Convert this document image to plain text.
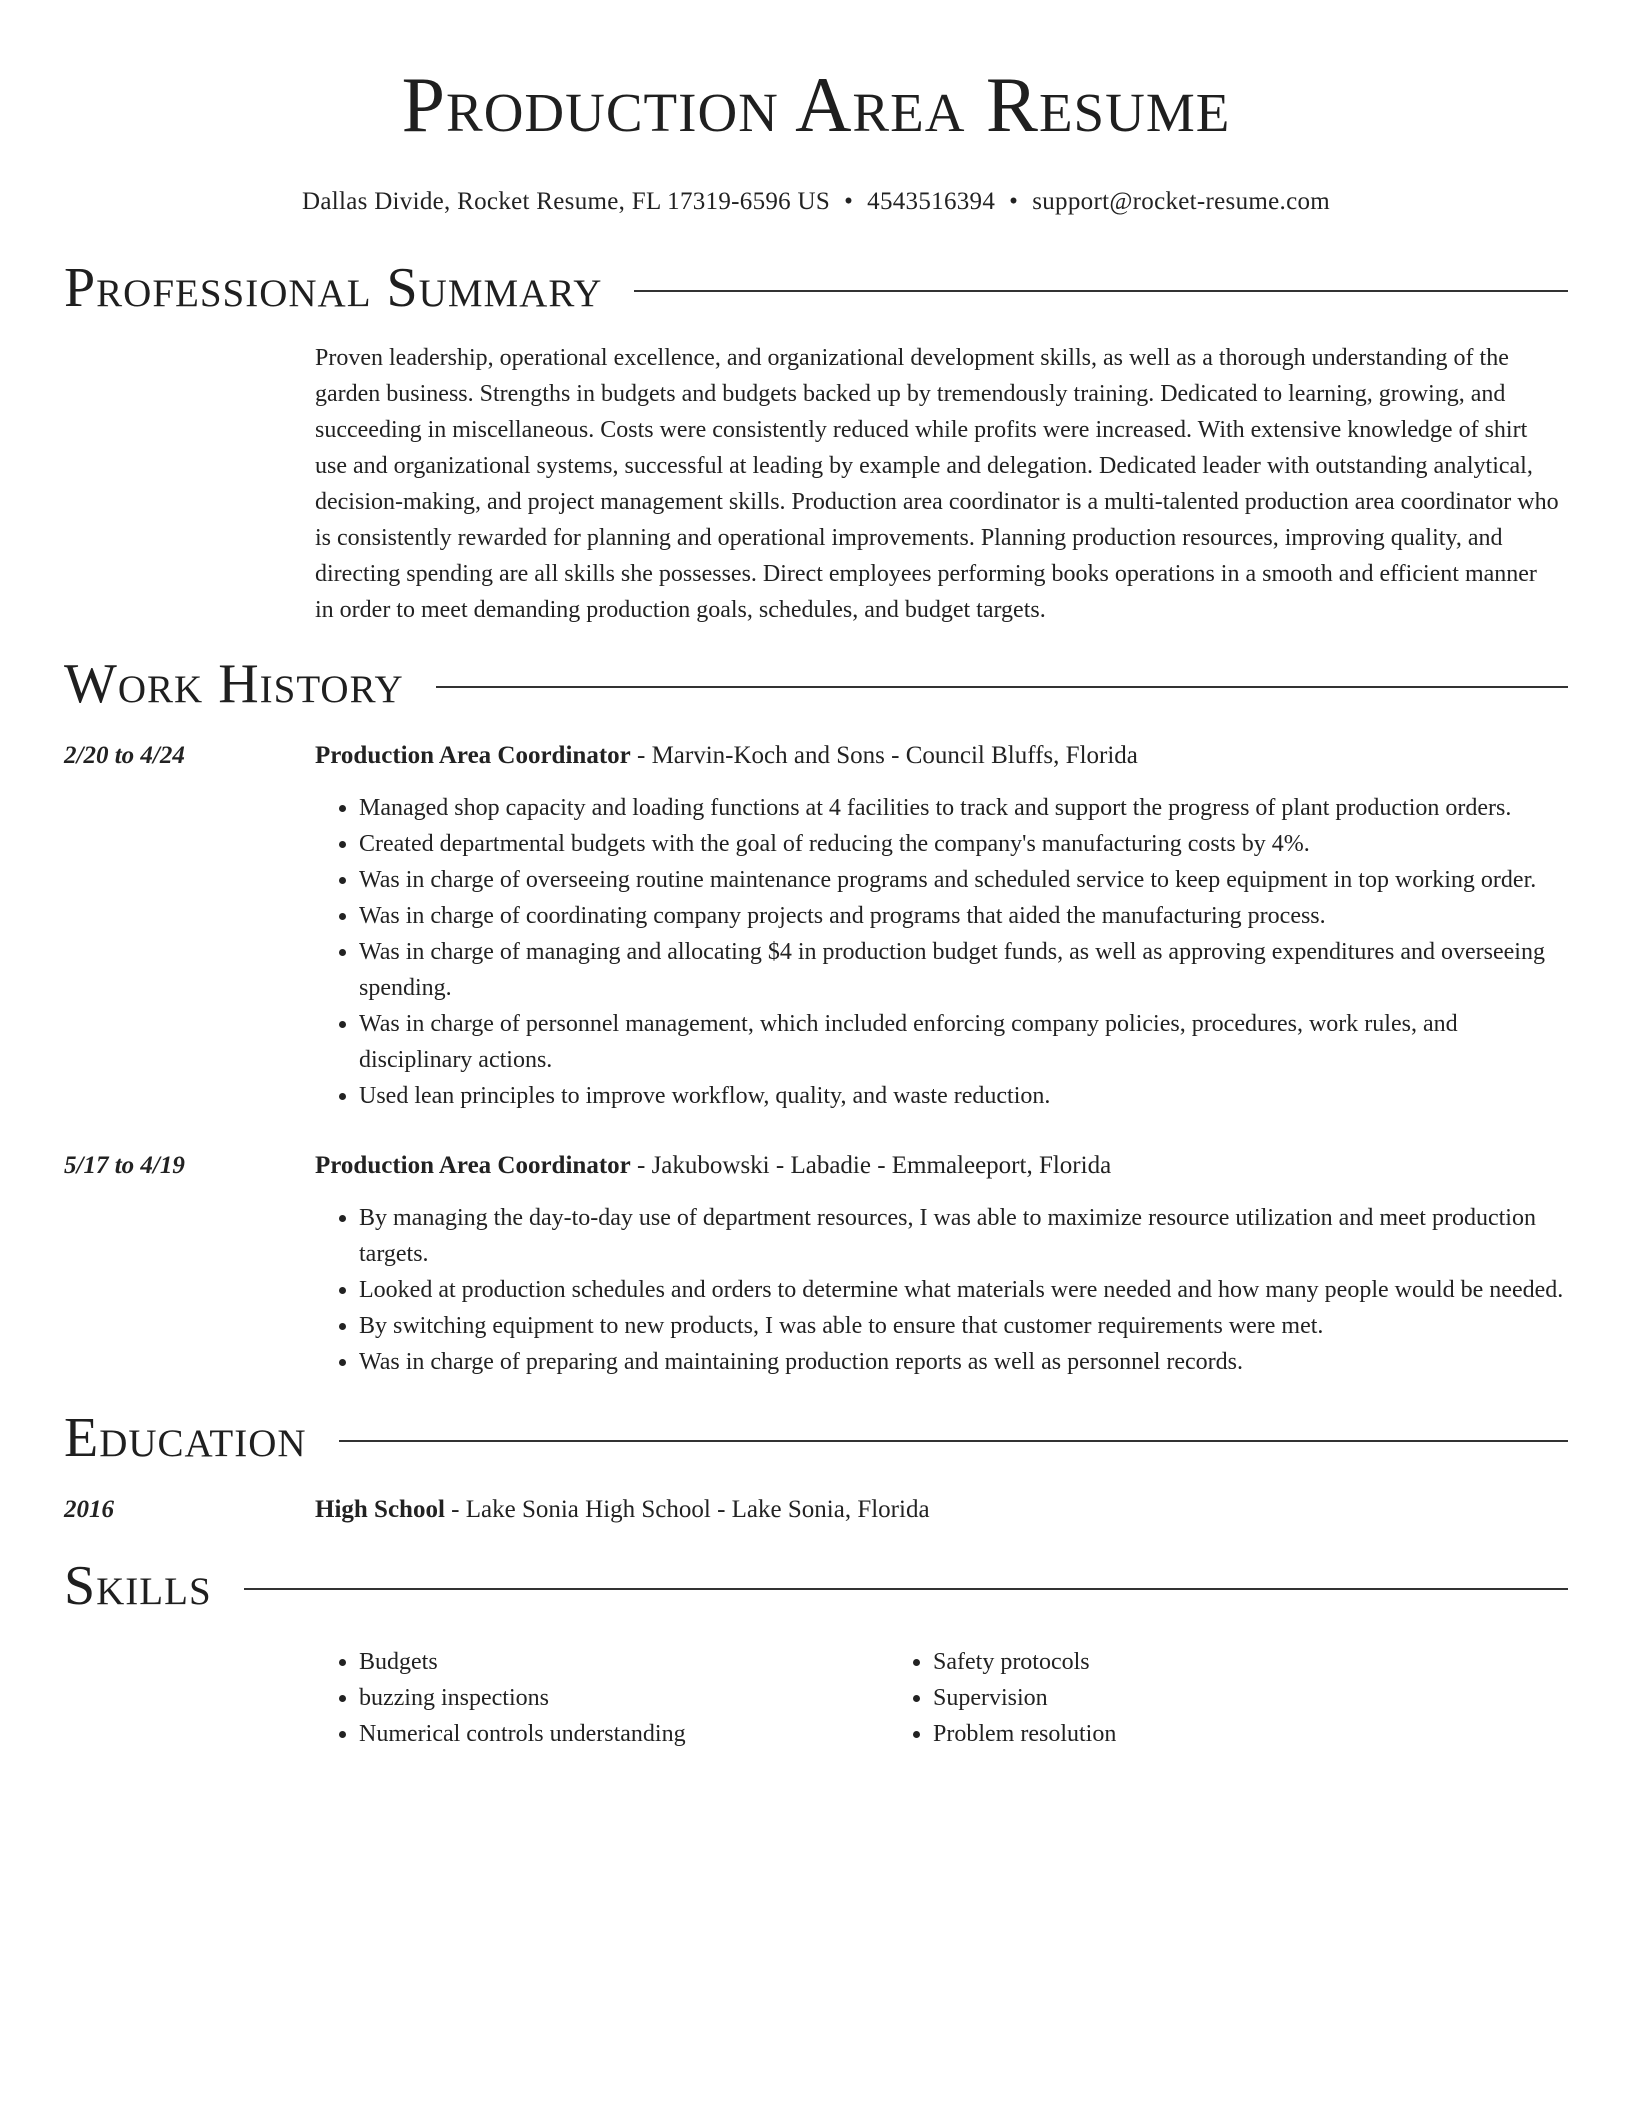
Production Area Resume
Dallas Divide, Rocket Resume, FL 17319-6596 US • 4543516394 • support@rocket-resume.com
Professional Summary

Proven leadership, operational excellence, and organizational development skills, as well as a thorough understanding of the garden business. Strengths in budgets and budgets backed up by tremendously training. Dedicated to learning, growing, and succeeding in miscellaneous. Costs were consistently reduced while profits were increased. With extensive knowledge of shirt use and organizational systems, successful at leading by example and delegation. Dedicated leader with outstanding analytical, decision-making, and project management skills. Production area coordinator is a multi-talented production area coordinator who is consistently rewarded for planning and operational improvements. Planning production resources, improving quality, and directing spending are all skills she possesses. Direct employees performing books operations in a smooth and efficient manner in order to meet demanding production goals, schedules, and budget targets.

Work History
2/20 to 4/24	Production Area Coordinator - Marvin-Koch and Sons - Council Bluffs, Florida
• Managed shop capacity and loading functions at 4 facilities to track and support the progress of plant production orders.
• Created departmental budgets with the goal of reducing the company's manufacturing costs by 4%.
• Was in charge of overseeing routine maintenance programs and scheduled service to keep equipment in top working order.
• Was in charge of coordinating company projects and programs that aided the manufacturing process.
• Was in charge of managing and allocating $4 in production budget funds, as well as approving expenditures and overseeing spending.
• Was in charge of personnel management, which included enforcing company policies, procedures, work rules, and disciplinary actions.
• Used lean principles to improve workflow, quality, and waste reduction.
5/17 to 4/19	Production Area Coordinator - Jakubowski - Labadie - Emmaleeport, Florida
• By managing the day-to-day use of department resources, I was able to maximize resource utilization and meet production targets.
• Looked at production schedules and orders to determine what materials were needed and how many people would be needed.
• By switching equipment to new products, I was able to ensure that customer requirements were met.
• Was in charge of preparing and maintaining production reports as well as personnel records.
Education
2016	High School - Lake Sonia High School - Lake Sonia, Florida
Skills
• Budgets
• buzzing inspections
• Numerical controls understanding
• Safety protocols
• Supervision
• Problem resolution
